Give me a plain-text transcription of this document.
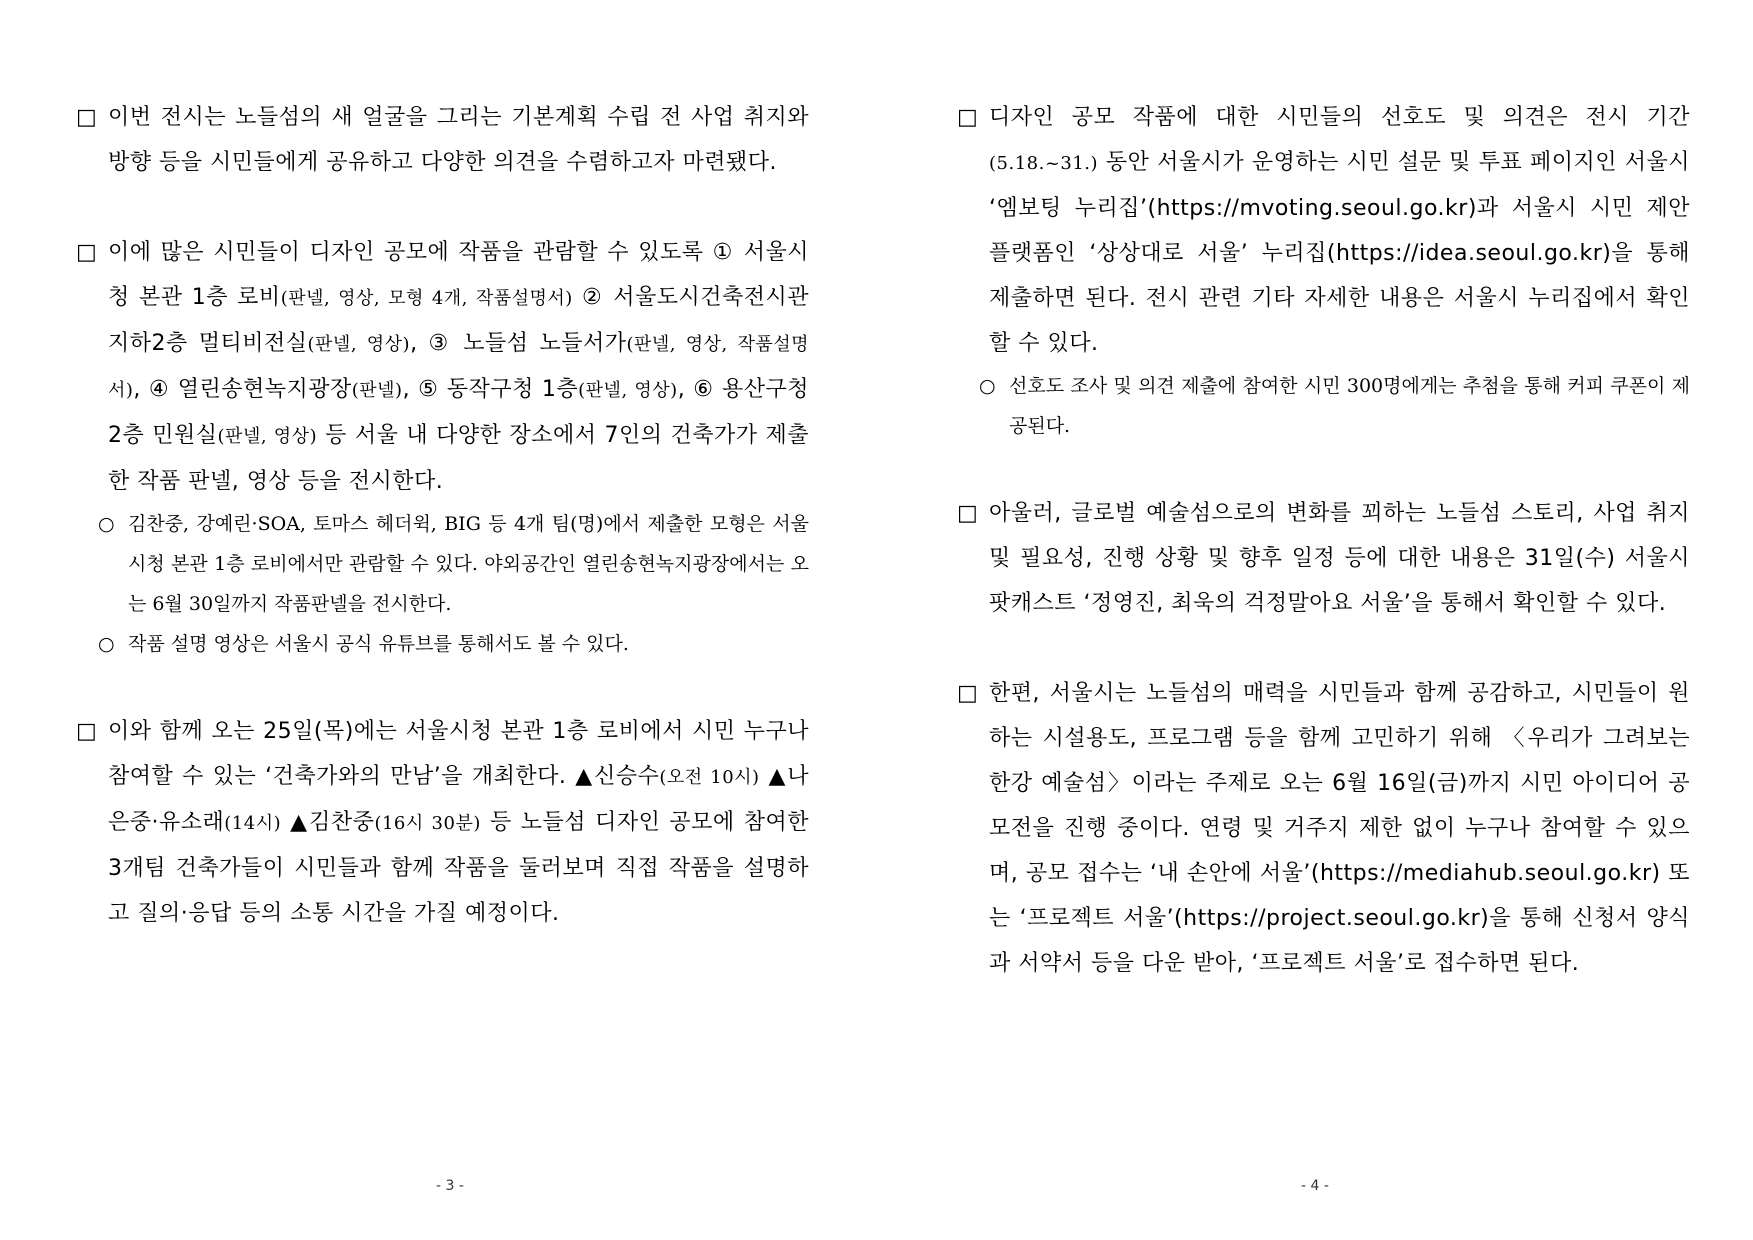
□ 이번 전시는 노들섬의 새 얼굴을 그리는 기본계획 수립 전 사업 취지와 방향 등을 시민들에게 공유하고 다양한 의견을 수렴하고자 마련됐다.
□ 이에 많은 시민들이 디자인 공모에 작품을 관람할 수 있도록 ① 서울시청 본관 1층 로비(판넬, 영상, 모형 4개, 작품설명서) ② 서울도시건축전시관 지하2층 멀티비전실(판넬, 영상), ③ 노들섬 노들서가(판넬, 영상, 작품설명서), ④ 열린송현녹지광장(판넬), ⑤ 동작구청 1층(판넬, 영상), ⑥ 용산구청 2층 민원실(판넬, 영상) 등 서울 내 다양한 장소에서 7인의 건축가가 제출한 작품 판넬, 영상 등을 전시한다.
○ 김찬중, 강예린·SOA, 토마스 헤더윅, BIG 등 4개 팀(명)에서 제출한 모형은 서울시청 본관 1층 로비에서만 관람할 수 있다. 야외공간인 열린송현녹지광장에서는 오는 6월 30일까지 작품판넬을 전시한다.
○ 작품 설명 영상은 서울시 공식 유튜브를 통해서도 볼 수 있다.
□ 이와 함께 오는 25일(목)에는 서울시청 본관 1층 로비에서 시민 누구나 참여할 수 있는 ‘건축가와의 만남’을 개최한다. ▲신승수(오전 10시) ▲나은중·유소래(14시) ▲김찬중(16시 30분) 등 노들섬 디자인 공모에 참여한 3개팀 건축가들이 시민들과 함께 작품을 둘러보며 직접 작품을 설명하고 질의·응답 등의 소통 시간을 가질 예정이다.
- 3 -
□ 디자인 공모 작품에 대한 시민들의 선호도 및 의견은 전시 기간 (5.18.~31.) 동안 서울시가 운영하는 시민 설문 및 투표 페이지인 서울시 ‘엠보팅 누리집’(https://mvoting.seoul.go.kr)과 서울시 시민 제안 플랫폼인 ‘상상대로 서울’ 누리집(https://idea.seoul.go.kr)을 통해 제출하면 된다. 전시 관련 기타 자세한 내용은 서울시 누리집에서 확인할 수 있다.
○ 선호도 조사 및 의견 제출에 참여한 시민 300명에게는 추첨을 통해 커피 쿠폰이 제공된다.
□ 아울러, 글로벌 예술섬으로의 변화를 꾀하는 노들섬 스토리, 사업 취지 및 필요성, 진행 상황 및 향후 일정 등에 대한 내용은 31일(수) 서울시 팟캐스트 ‘정영진, 최욱의 걱정말아요 서울’을 통해서 확인할 수 있다.
□ 한편, 서울시는 노들섬의 매력을 시민들과 함께 공감하고, 시민들이 원하는 시설용도, 프로그램 등을 함께 고민하기 위해 〈우리가 그려보는 한강 예술섬〉이라는 주제로 오는 6월 16일(금)까지 시민 아이디어 공모전을 진행 중이다. 연령 및 거주지 제한 없이 누구나 참여할 수 있으며, 공모 접수는 ‘내 손안에 서울’(https://mediahub.seoul.go.kr) 또는 ‘프로젝트 서울’(https://project.seoul.go.kr)을 통해 신청서 양식과 서약서 등을 다운 받아, ‘프로젝트 서울’로 접수하면 된다.
- 4 -
